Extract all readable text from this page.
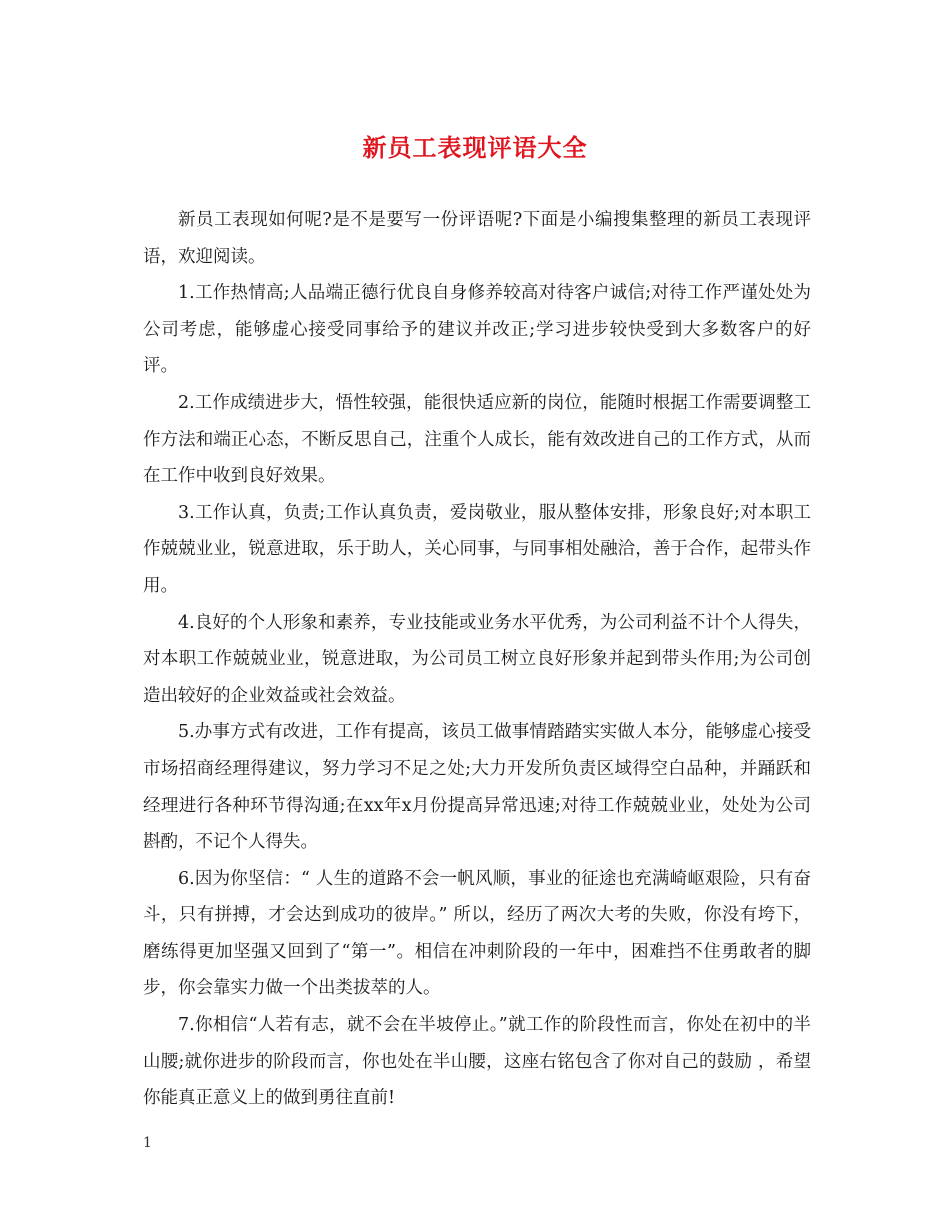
新员工表现评语大全

新员工表现如何呢?是不是要写一份评语呢?下面是小编搜集整理的新员工表现评语，欢迎阅读。

1.工作热情高;人品端正德行优良自身修养较高对待客户诚信;对待工作严谨处处为公司考虑，能够虚心接受同事给予的建议并改正;学习进步较快受到大多数客户的好评。

2.工作成绩进步大，悟性较强，能很快适应新的岗位，能随时根据工作需要调整工作方法和端正心态，不断反思自己，注重个人成长，能有效改进自己的工作方式，从而在工作中收到良好效果。

3.工作认真，负责;工作认真负责，爱岗敬业，服从整体安排，形象良好;对本职工作兢兢业业，锐意进取，乐于助人，关心同事，与同事相处融洽，善于合作，起带头作用。

4.良好的个人形象和素养，专业技能或业务水平优秀，为公司利益不计个人得失，对本职工作兢兢业业，锐意进取，为公司员工树立良好形象并起到带头作用;为公司创造出较好的企业效益或社会效益。

5.办事方式有改进，工作有提高，该员工做事情踏踏实实做人本分，能够虚心接受市场招商经理得建议，努力学习不足之处;大力开发所负责区域得空白品种，并踊跃和经理进行各种环节得沟通;在xx年x月份提高异常迅速;对待工作兢兢业业，处处为公司斟酌，不记个人得失。

6.因为你坚信：“ 人生的道路不会一帆风顺，事业的征途也充满崎岖艰险，只有奋斗，只有拼搏，才会达到成功的彼岸。” 所以，经历了两次大考的失败，你没有垮下，磨练得更加坚强又回到了“第一”。相信在冲刺阶段的一年中，困难挡不住勇敢者的脚步，你会靠实力做一个出类拔萃的人。

7.你相信“人若有志，就不会在半坡停止。”就工作的阶段性而言，你处在初中的半山腰;就你进步的阶段而言，你也处在半山腰，这座右铭包含了你对自己的鼓励 ，希望你能真正意义上的做到勇往直前!

1
